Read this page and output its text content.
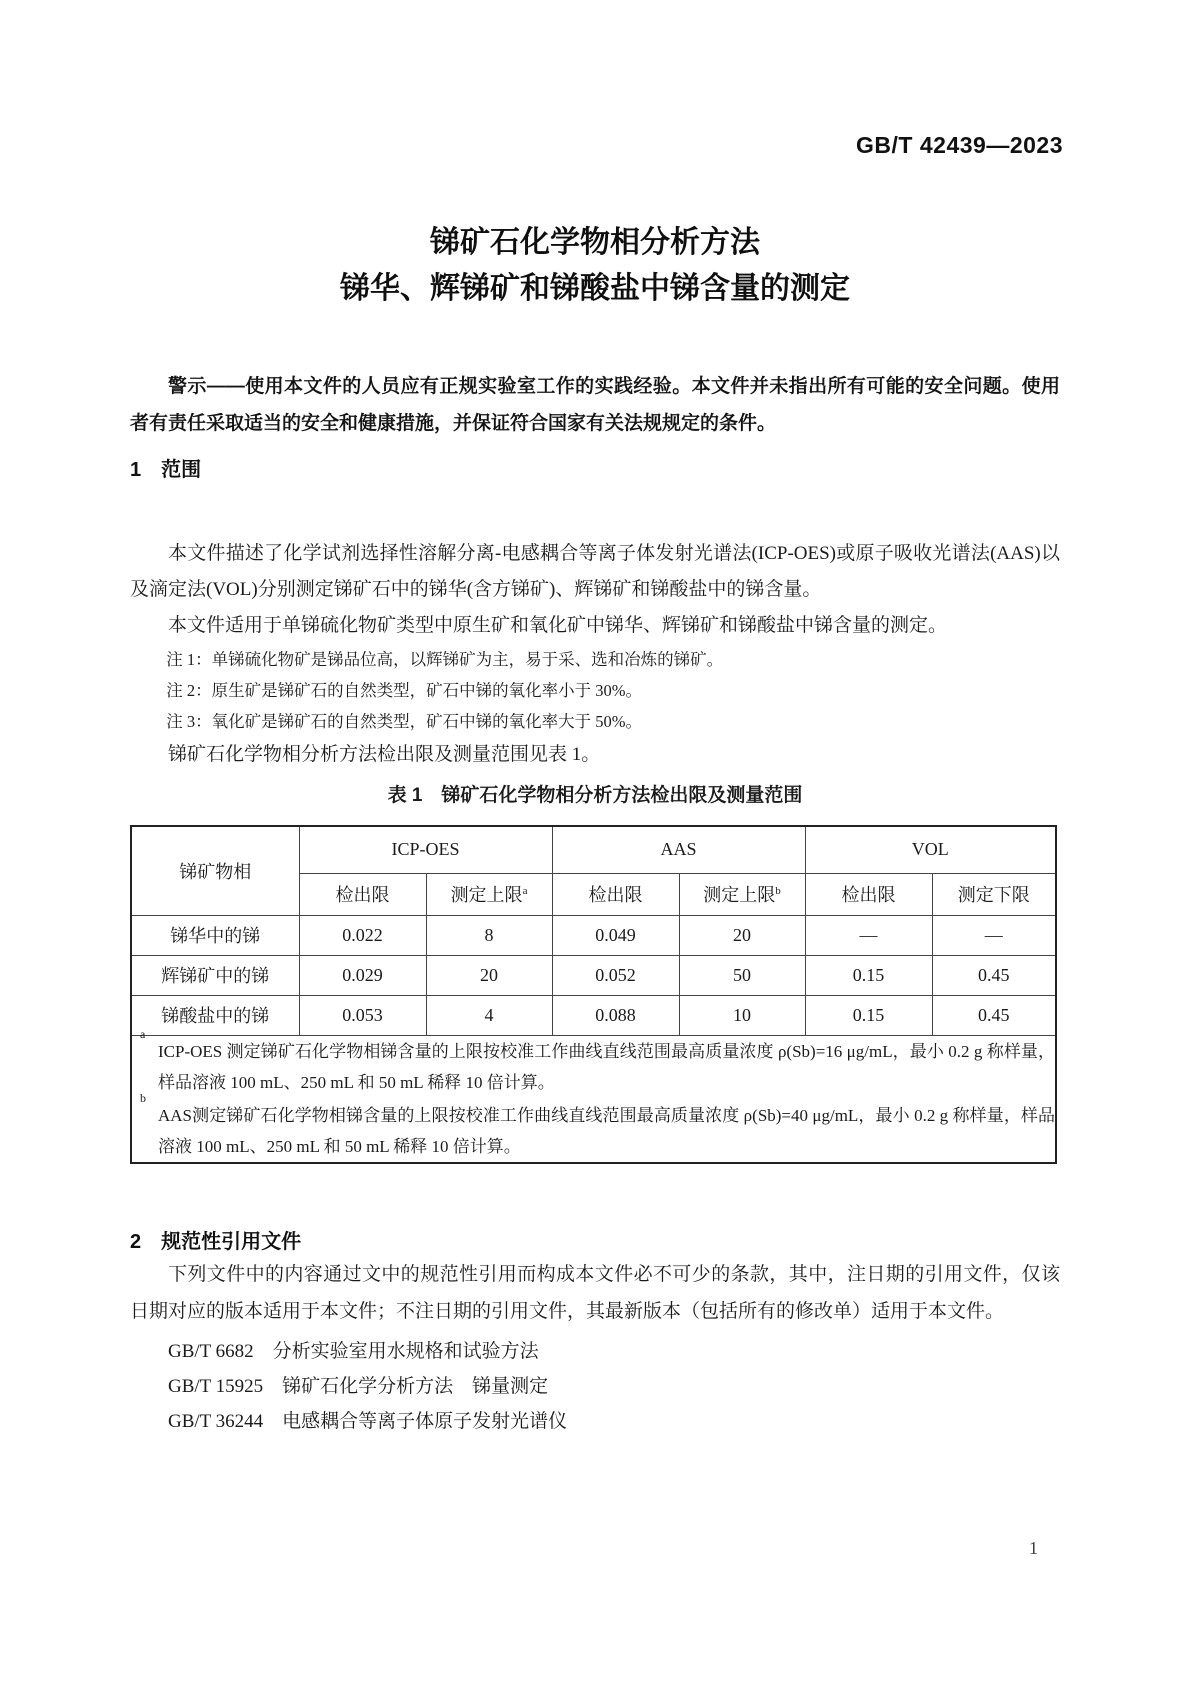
GB/T 42439—2023
锑矿石化学物相分析方法
锑华、辉锑矿和锑酸盐中锑含量的测定

警示——使用本文件的人员应有正规实验室工作的实践经验。本文件并未指出所有可能的安全问题。使用者有责任采取适当的安全和健康措施，并保证符合国家有关法规规定的条件。

1　范围

本文件描述了化学试剂选择性溶解分离-电感耦合等离子体发射光谱法(ICP-OES)或原子吸收光谱法(AAS)以及滴定法(VOL)分别测定锑矿石中的锑华(含方锑矿)、辉锑矿和锑酸盐中的锑含量。

本文件适用于单锑硫化物矿类型中原生矿和氧化矿中锑华、辉锑矿和锑酸盐中锑含量的测定。

注 1：单锑硫化物矿是锑品位高，以辉锑矿为主，易于采、选和冶炼的锑矿。

注 2：原生矿是锑矿石的自然类型，矿石中锑的氧化率小于 30%。

注 3：氧化矿是锑矿石的自然类型，矿石中锑的氧化率大于 50%。

锑矿石化学物相分析方法检出限及测量范围见表 1。

表 1　锑矿石化学物相分析方法检出限及测量范围
锑矿物相	ICP-OES		AAS		VOL	
	检出限	测定上限$^a$	检出限	测定上限$^b$	检出限	测定下限
锑华中的锑	0.022	8	0.049	20	—	—
辉锑矿中的锑	0.029	20	0.052	50	0.15	0.45
锑酸盐中的锑	0.053	4	0.088	10	0.15	0.45

a
ICP-OES 测定锑矿石化学物相锑含量的上限按校准工作曲线直线范围最高质量浓度 ρ(Sb)=16 μg/mL，最小 0.2 g 称样量，样品溶液 100 mL、250 mL 和 50 mL 稀释 10 倍计算。
b
AAS测定锑矿石化学物相锑含量的上限按校准工作曲线直线范围最高质量浓度 ρ(Sb)=40 μg/mL，最小 0.2 g 称样量，样品溶液 100 mL、250 mL 和 50 mL 稀释 10 倍计算。						
2　规范性引用文件

下列文件中的内容通过文中的规范性引用而构成本文件必不可少的条款，其中，注日期的引用文件，仅该日期对应的版本适用于本文件；不注日期的引用文件，其最新版本（包括所有的修改单）适用于本文件。

GB/T 6682　分析实验室用水规格和试验方法

GB/T 15925　锑矿石化学分析方法　锑量测定

GB/T 36244　电感耦合等离子体原子发射光谱仪

1
